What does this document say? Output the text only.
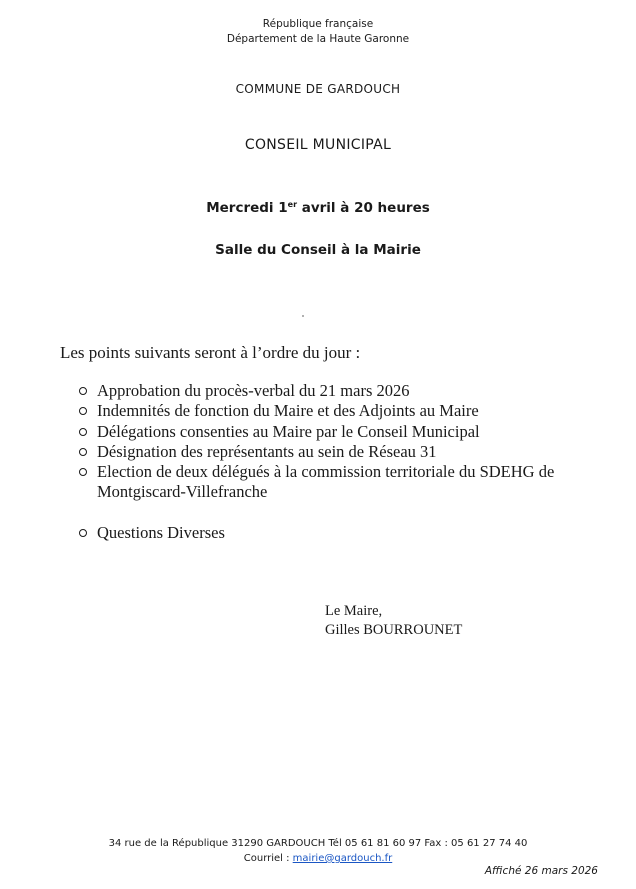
République française
Département de la Haute Garonne
COMMUNE DE GARDOUCH
CONSEIL MUNICIPAL
Mercredi 1er avril à 20 heures
Salle du Conseil à la Mairie
Les points suivants seront à l’ordre du jour :
Approbation du procès-verbal du 21 mars 2026
Indemnités de fonction du Maire et des Adjoints au Maire
Délégations consenties au Maire par le Conseil Municipal
Désignation des représentants au sein de Réseau 31
Election de deux délégués à la commission territoriale du SDEHG de Montgiscard-Villefranche
Questions Diverses
Le Maire,
Gilles BOURROUNET
34 rue de la République 31290 GARDOUCH Tél 05 61 81 60 97 Fax : 05 61 27 74 40
Courriel : mairie@gardouch.fr
Affiché 26 mars 2026
